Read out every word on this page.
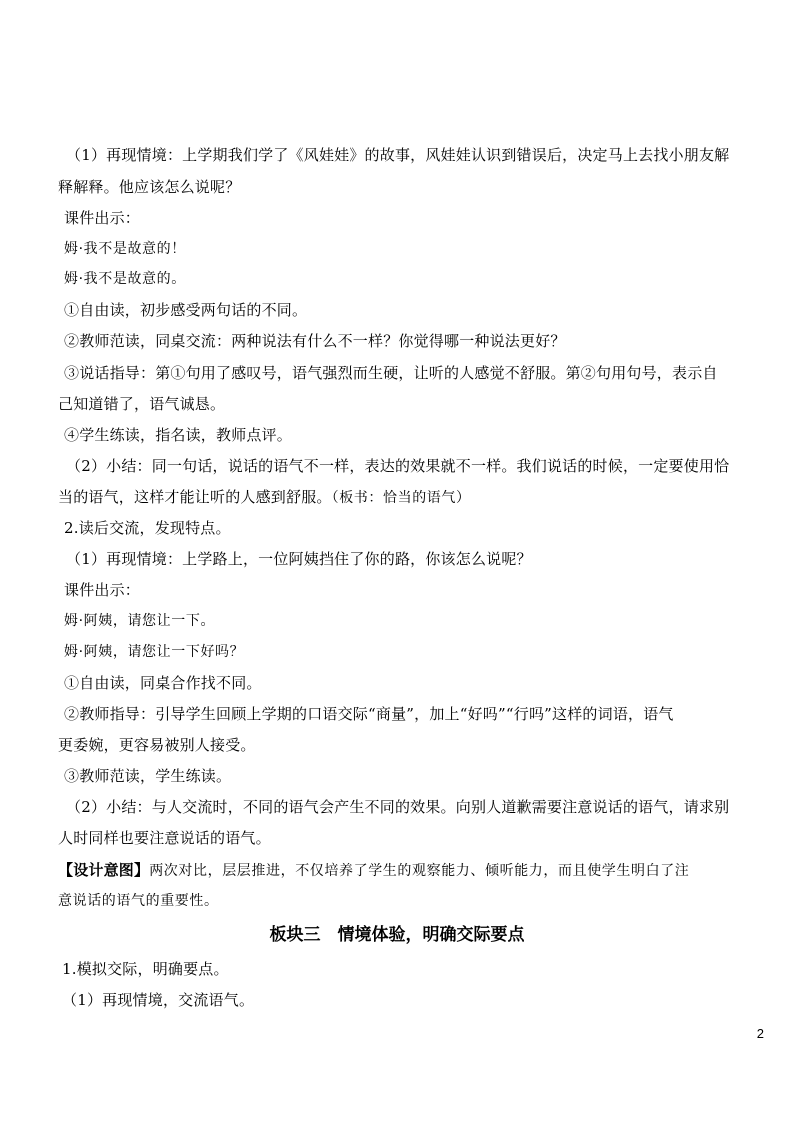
（1）再现情境：上学期我们学了《风娃娃》的故事，风娃娃认识到错误后，决定马上去找小朋友解
释解释。他应该怎么说呢？
课件出示：
姆·我不是故意的！
姆·我不是故意的。
①自由读，初步感受两句话的不同。
②教师范读，同桌交流：两种说法有什么不一样？你觉得哪一种说法更好？
③说话指导：第①句用了感叹号，语气强烈而生硬，让听的人感觉不舒服。第②句用句号，表示自
己知道错了，语气诚恳。
④学生练读，指名读，教师点评。
（2）小结：同一句话，说话的语气不一样，表达的效果就不一样。我们说话的时候，一定要使用恰
当的语气，这样才能让听的人感到舒服。（板书：恰当的语气）
2.读后交流，发现特点。
（1）再现情境：上学路上，一位阿姨挡住了你的路，你该怎么说呢？
课件出示：
姆·阿姨，请您让一下。
姆·阿姨，请您让一下好吗？
①自由读，同桌合作找不同。
②教师指导：引导学生回顾上学期的口语交际“商量”，加上“好吗”“行吗”这样的词语，语气
更委婉，更容易被别人接受。
③教师范读，学生练读。
（2）小结：与人交流时，不同的语气会产生不同的效果。向别人道歉需要注意说话的语气，请求别
人时同样也要注意说话的语气。
【设计意图】两次对比，层层推进，不仅培养了学生的观察能力、倾听能力，而且使学生明白了注
意说话的语气的重要性。
板块三　情境体验，明确交际要点
1.模拟交际，明确要点。
（1）再现情境，交流语气。
2
